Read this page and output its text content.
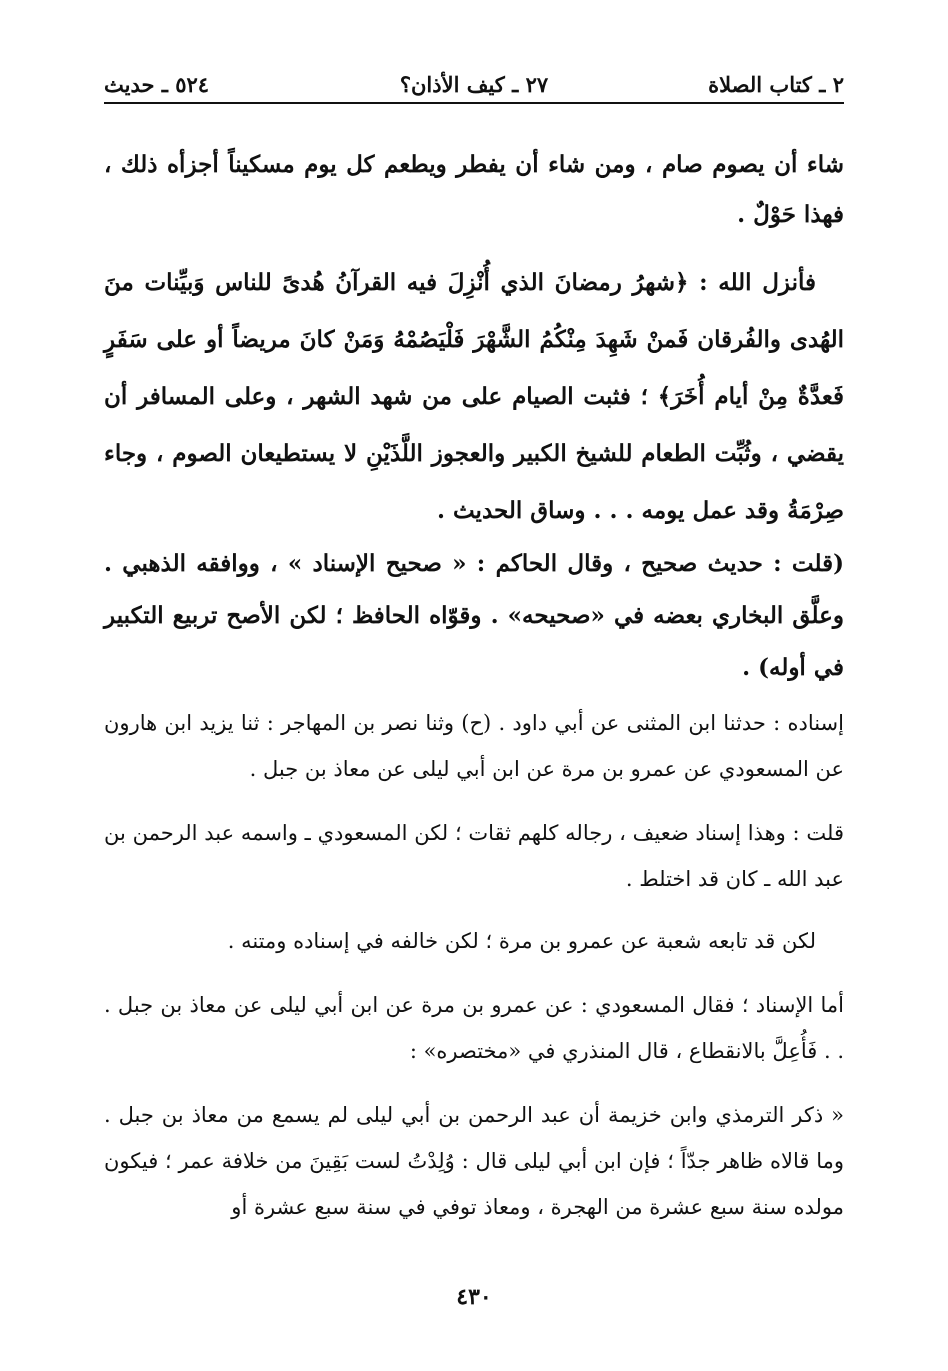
٢ ـ كتاب الصلاة
٢٧ ـ كيف الأذان؟
٥٢٤ ـ حديث

شاء أن يصوم صام ، ومن شاء أن يفطر ويطعم كل يوم مسكيناً أجزأه ذلك ، فهذا حَوْلٌ .

فأنزل الله : ﴿شهرُ رمضانَ الذي أُنْزِلَ فيه القرآنُ هُدىً للناس وَبيِّنات منَ الهُدى والفُرقان فَمنْ شَهِدَ مِنْكُمُ الشَّهْرَ فَلْيَصُمْهُ وَمَنْ كانَ مريضاً أو على سَفَرٍ فَعدَّةٌ مِنْ أيام أُخَرَ﴾ ؛ فثبت الصيام على من شهد الشهر ، وعلى المسافر أن يقضي ، وثُبِّت الطعام للشيخ الكبير والعجوز اللَّذَيْنِ لا يستطيعان الصوم ، وجاء صِرْمَةُ وقد عمل يومه . . . وساق الحديث .

(قلت : حديث صحيح ، وقال الحاكم : « صحيح الإسناد » ، ووافقه الذهبي . وعلَّق البخاري بعضه في «صحيحه» . وقوّاه الحافظ ؛ لكن الأصح تربيع التكبير في أوله) .

إسناده : حدثنا ابن المثنى عن أبي داود . (ح) وثنا نصر بن المهاجر : ثنا يزيد ابن هارون عن المسعودي عن عمرو بن مرة عن ابن أبي ليلى عن معاذ بن جبل .

قلت : وهذا إسناد ضعيف ، رجاله كلهم ثقات ؛ لكن المسعودي ـ واسمه عبد الرحمن بن عبد الله ـ كان قد اختلط .

لكن قد تابعه شعبة عن عمرو بن مرة ؛ لكن خالفه في إسناده ومتنه .

أما الإسناد ؛ فقال المسعودي : عن عمرو بن مرة عن ابن أبي ليلى عن معاذ بن جبل . . . فَأُعِلَّ بالانقطاع ، قال المنذري في «مختصره» :

« ذكر الترمذي وابن خزيمة أن عبد الرحمن بن أبي ليلى لم يسمع من معاذ بن جبل . وما قالاه ظاهر جدّاً ؛ فإن ابن أبي ليلى قال : وُلِدْتُ لست بَقِينَ من خلافة عمر ؛ فيكون مولده سنة سبع عشرة من الهجرة ، ومعاذ توفي في سنة سبع عشرة أو

٤٣٠
